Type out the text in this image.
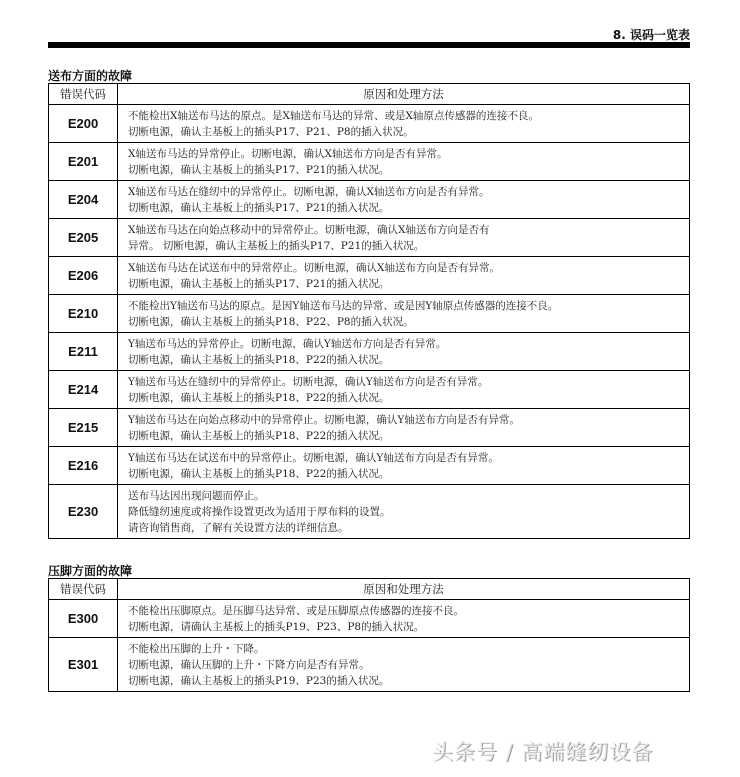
8. 误码一览表
送布方面的故障
错误代码	原因和处理方法
E200	不能检出X轴送布马达的原点。是X轴送布马达的异常、或是X轴原点传感器的连接不良。
切断电源，确认主基板上的插头P17、P21、P8的插入状况。

E201	X轴送布马达的异常停止。切断电源，确认X轴送布方向是否有异常。
切断电源，确认主基板上的插头P17、P21的插入状况。

E204	X轴送布马达在缝纫中的异常停止。切断电源，确认X轴送布方向是否有异常。
切断电源，确认主基板上的插头P17、P21的插入状况。

E205	X轴送布马达在向始点移动中的异常停止。切断电源，确认X轴送布方向是否有
异常。 切断电源，确认主基板上的插头P17、P21的插入状况。

E206	X轴送布马达在试送布中的异常停止。切断电源，确认X轴送布方向是否有异常。
切断电源，确认主基板上的插头P17、P21的插入状况。

E210	不能检出Y轴送布马达的原点。是因Y轴送布马达的异常、或是因Y轴原点传感器的连接不良。
切断电源，确认主基板上的插头P18、P22、P8的插入状况。

E211	Y轴送布马达的异常停止。切断电源，确认Y轴送布方向是否有异常。
切断电源，确认主基板上的插头P18、P22的插入状况。

E214	Y轴送布马达在缝纫中的异常停止。切断电源，确认Y轴送布方向是否有异常。
切断电源，确认主基板上的插头P18、P22的插入状况。

E215	Y轴送布马达在向始点移动中的异常停止。切断电源，确认Y轴送布方向是否有异常。
切断电源，确认主基板上的插头P18、P22的插入状况。

E216	Y轴送布马达在试送布中的异常停止。切断电源，确认Y轴送布方向是否有异常。
切断电源，确认主基板上的插头P18、P22的插入状况。

E230	送布马达因出现问题而停止。
降低缝纫速度或将操作设置更改为适用于厚布料的设置。
请咨询销售商，了解有关设置方法的详细信息。
压脚方面的故障
错误代码	原因和处理方法
E300	不能检出压脚原点。是压脚马达异常、或是压脚原点传感器的连接不良。
切断电源，请确认主基板上的插头P19、P23、P8的插入状况。

E301	不能检出压脚的上升・下降。
切断电源，确认压脚的上升・下降方向是否有异常。
切断电源，确认主基板上的插头P19、P23的插入状况。
头条号 / 高端缝纫设备
